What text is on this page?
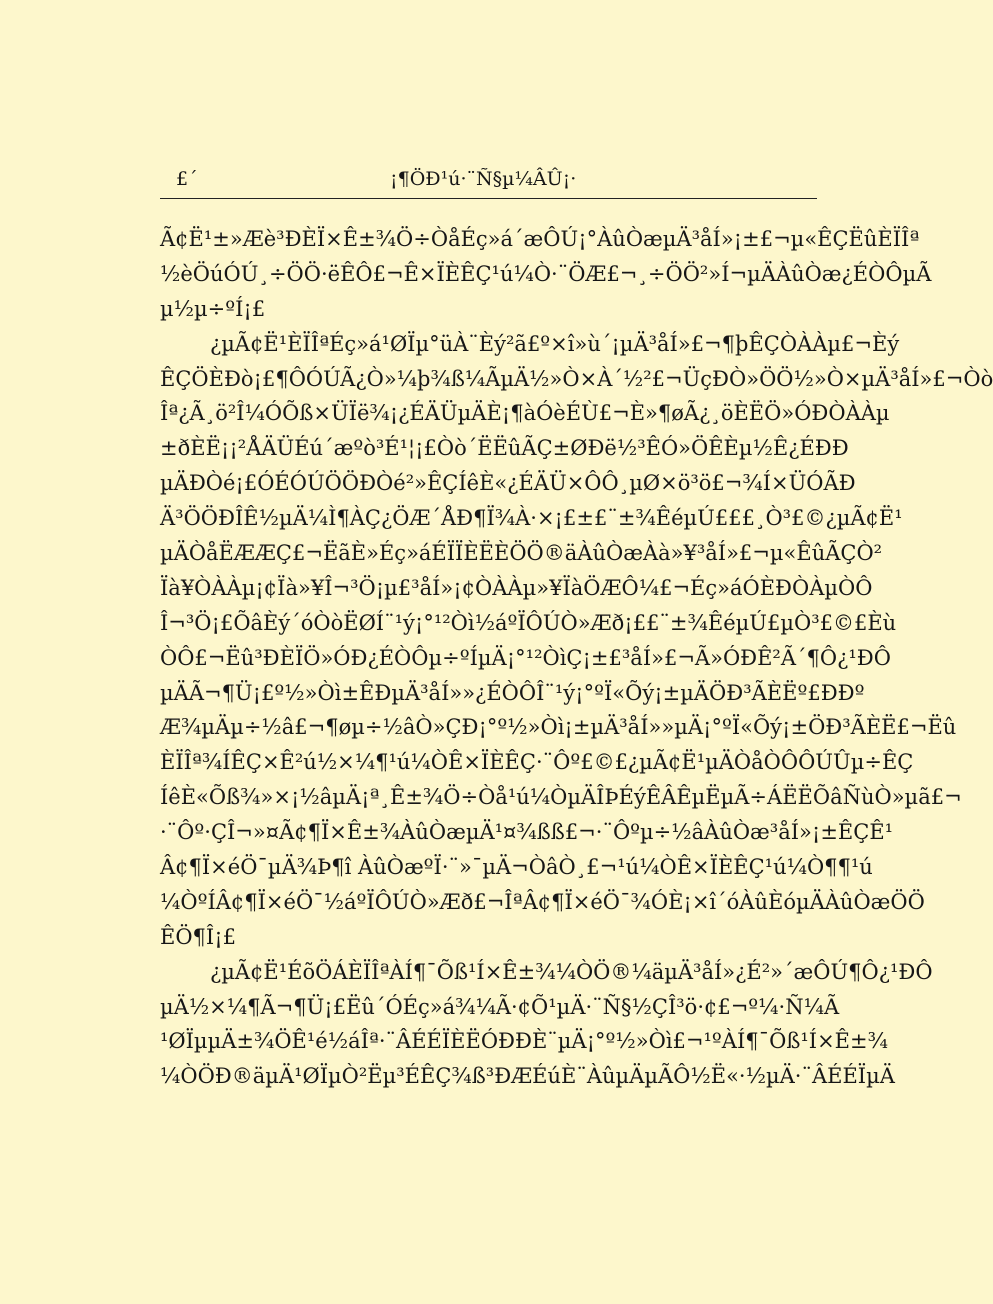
£´	¡¶ÖÐ¹ú·¨Ñ§µ¼ÂÛ¡·
Ã¢Ë¹±»Æè³ÐÈÏ×Ê±¾Ö÷ÒåÉç»á´æÔÚ¡°ÀûÒæµÄ³åÍ»¡±£¬µ«ÊÇËûÈÏÎª
½èÖúÓÚ¸÷ÖÖ·ëÊÔ£¬Ê×ÏÈÊÇ¹ú¼Ò·¨ÖÆ£¬¸÷ÖÖ²»Í¬µÄÀûÒæ¿ÉÒÔµÃ
µ½µ÷ºÍ¡£
¿µÃ¢Ë¹ÈÏÎªÉç»á¹ØÏµ°üÀ¨Èý²ã£º×î»ù´¡µÄ³åÍ»£¬¶þÊÇÒÀÀµ£¬Èý
ÊÇÖÈÐò¡£¶ÔÓÚÃ¿Ò»¼þ¾ß¼ÃµÄ½»Ò×À´½²£¬ÜçÐÒ»ÖÖ½»Ò×µÄ³åÍ»£¬Òò
Îª¿Ã¸ö²Î¼ÓÕß×ÜÏë¾¡¿ÉÄÜµÄÈ¡¶àÓèÉÙ£¬È»¶øÃ¿¸öÈËÖ»ÓÐÒÀÀµ
±ðÈË¡¡²ÅÄÜÉú´æºò³É¹¦¡£Òò´ËËûÃÇ±ØÐë½³ÊÓ»ÖÊÈµ½Ê¿ÉÐÐ
µÄÐÒé¡£ÓÉÓÚÖÖÐÒé²»ÊÇÍêÈ«¿ÉÄÜ×ÔÔ¸µØ×ö³ö£¬¾Í×ÜÓÃÐ
Ä³ÖÖÐÎÊ½µÄ¼Ì¶ÀÇ¿ÖÆ´ÅÐ¶Ï¾À·×¡£±£¨±¾ÊéµÚ£££¸Ò³£©¿µÃ¢Ë¹
µÄÒåËÆÆÇ£¬ËãÈ»Éç»áÉÏÏÈËÈÖÖ®äÀûÒæÀà»¥³åÍ»£¬µ«ÊûÃÇÒ²
Ïà¥ÒÀÀµ¡¢Ïà»¥Î¬³Ö¡µ£³åÍ»¡¢ÒÀÀµ»¥ÏàÖÆÔ¼£¬Éç»áÓÈÐÒÀµÒÔ
Î¬³Ö¡£ÕâÈý´óÒòËØÍ¨¹ý¡°¹²Òì½áºÏÔÚÒ»Æð¡££¨±¾ÊéµÚ£µÒ³£©£Èù
ÒÔ£¬Ëû³ÐÈÏÖ»ÓÐ¿ÉÒÔµ÷ºÍµÄ¡°¹²ÒìÇ¡±£³åÍ»£¬Ã»ÓÐÊ²Ã´¶Ô¿¹ÐÔ
µÄÃ¬¶Ü¡£º½»Òì±ÊÐµÄ³åÍ»»¿ÉÒÔÎ¨¹ý¡°ºÏ«Õý¡±µÄÖÐ³ÃÈËº£ÐÐº
Æ¾µÄµ÷½â£¬¶øµ÷½âÒ»ÇÐ¡°º½»Òì¡±µÄ³åÍ»»µÄ¡°ºÏ«Õý¡±ÖÐ³ÃÈË£¬Ëû
ÈÏÎª¾ÍÊÇ×Ê²ú½×¼¶¹ú¼ÒÊ×ÏÈÊÇ·¨Ôº£©£¿µÃ¢Ë¹µÄÒåÒÔÔÚÛµ÷ÊÇ
ÍêÈ«Õß¾»×¡½âµÄ¡ª¸Ê±¾Ö÷Òå¹ú¼ÒµÄÎÞÉýÊÂÊµËµÃ÷ÁËËÕâÑùÒ»µã£¬
·¨Ôº·ÇÎ¬»¤Ã¢¶Ï×Ê±¾ÀûÒæµÄ¹¤¾ßß£¬·¨Ôºµ÷½âÀûÒæ³åÍ»¡±ÊÇÊ¹
Â¢¶Ï×éÖ¯µÄ¾Þ¶î ÀûÒæºÏ·¨»¯µÄ¬ÒâÒ¸£¬¹ú¼ÒÊ×ÏÈÊÇ¹ú¼Ò¶¶¹ú
¼ÒºÍÂ¢¶Ï×éÖ¯½áºÏÔÚÒ»Æð£¬ÎªÂ¢¶Ï×éÖ¯¾ÓÈ¡×î´óÀûÈóµÄÀûÒæÖÖ
ÊÖ¶Î¡£
¿µÃ¢Ë¹ÉõÖÁÈÏÎªÀÍ¶¯Õß¹Í×Ê±¾¼ÒÖ®¼äµÄ³åÍ»¿É²»´æÔÚ¶Ô¿¹ÐÔ
µÄ½×¼¶Ã¬¶Ü¡£Ëû´ÓÉç»á¾¼Ã·¢Õ¹µÄ·¨Ñ§½ÇÎ³ö·¢£¬º¼·Ñ¼Ã
¹ØÏµµÄ±¾ÖÊ¹é½áÎª·¨ÂÉÉÏÈËÓÐÐÈ¨µÄ¡°º½»Òì£¬¹ºÀÍ¶¯Õß¹Í×Ê±¾
¼ÒÖÐ®äµÄ¹ØÏµÒ²Ëµ³ÉÊÇ¾ß³ÐÆÉúÈ¨ÀûµÄµÃÔ½Ë«·½µÄ·¨ÂÉÉÏµÄ
